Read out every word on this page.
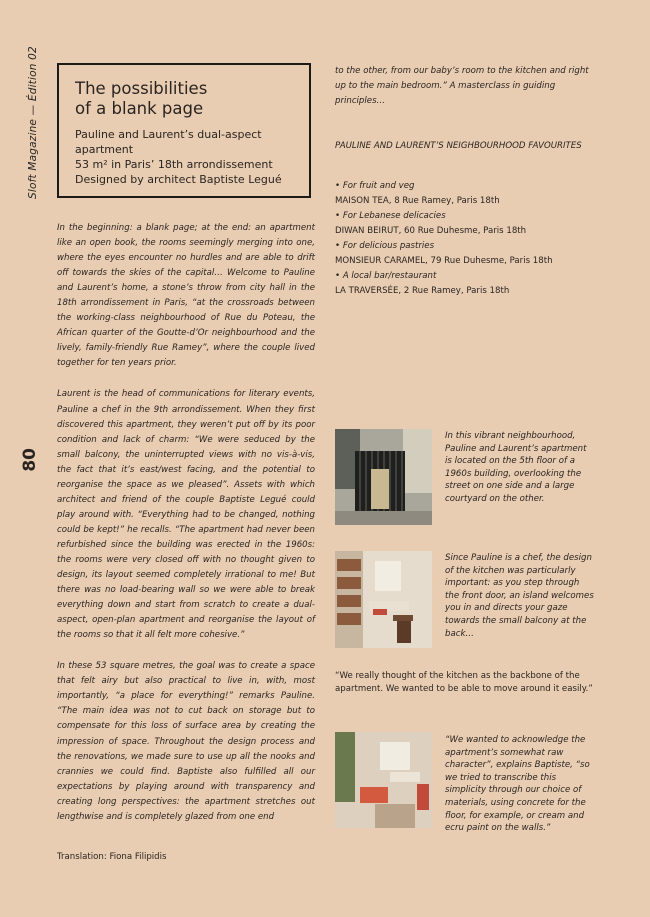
Sloft Magazine — Édition 02
80
The possibilities
of a blank page

Pauline and Laurent’s dual-aspect apartment

53 m² in Paris’ 18th arrondissement

Designed by architect Baptiste Legué

In the beginning: a blank page; at the end: an apartment like an open book, the rooms seemingly merging into one, where the eyes encounter no hurdles and are able to drift off towards the skies of the capital… Welcome to Pauline and Laurent’s home, a stone’s throw from city hall in the 18th arrondissement in Paris, “at the crossroads between the working-class neighbourhood of Rue du Poteau, the African quarter of the Goutte-d’Or neighbourhood and the lively, family-friendly Rue Ramey”, where the couple lived together for ten years prior.

Laurent is the head of communications for literary events, Pauline a chef in the 9th arrondissement. When they first discovered this apartment, they weren’t put off by its poor condition and lack of charm: “We were seduced by the small balcony, the uninterrupted views with no vis-à-vis, the fact that it’s east/west facing, and the potential to reorganise the space as we pleased”. Assets with which architect and friend of the couple Baptiste Legué could play around with. “Everything had to be changed, nothing could be kept!” he recalls. “The apartment had never been refurbished since the building was erected in the 1960s: the rooms were very closed off with no thought given to design, its layout seemed completely irrational to me! But there was no load-bearing wall so we were able to break everything down and start from scratch to create a dual-aspect, open-plan apartment and reorganise the layout of the rooms so that it all felt more cohesive.”

In these 53 square metres, the goal was to create a space that felt airy but also practical to live in, with, most importantly, “a place for everything!” remarks Pauline. “The main idea was not to cut back on storage but to compensate for this loss of surface area by creating the impression of space. Throughout the design process and the renovations, we made sure to use up all the nooks and crannies we could find. Baptiste also fulfilled all our expectations by playing around with transparency and creating long perspectives: the apartment stretches out lengthwise and is completely glazed from one end

Translation: Fiona Filipidis

to the other, from our baby’s room to the kitchen and right up to the main bedroom.” A masterclass in guiding principles…

PAULINE AND LAURENT’S NEIGHBOURHOOD FAVOURITES

• For fruit and veg
MAISON TEA, 8 Rue Ramey, Paris 18th
• For Lebanese delicacies
DIWAN BEIRUT, 60 Rue Duhesme, Paris 18th
• For delicious pastries
MONSIEUR CARAMEL, 79 Rue Duhesme, Paris 18th
• A local bar/restaurant
LA TRAVERSÉE, 2 Rue Ramey, Paris 18th
In this vibrant neighbourhood, Pauline and Laurent’s apartment is located on the 5th floor of a 1960s building, overlooking the street on one side and a large courtyard on the other.
Since Pauline is a chef, the design of the kitchen was particularly important: as you step through the front door, an island welcomes you in and directs your gaze towards the small balcony at the back…
“We really thought of the kitchen as the backbone of the apartment. We wanted to be able to move around it easily.”
“We wanted to acknowledge the apartment’s somewhat raw character”, explains Baptiste, “so we tried to transcribe this simplicity through our choice of materials, using concrete for the floor, for example, or cream and ecru paint on the walls.”
